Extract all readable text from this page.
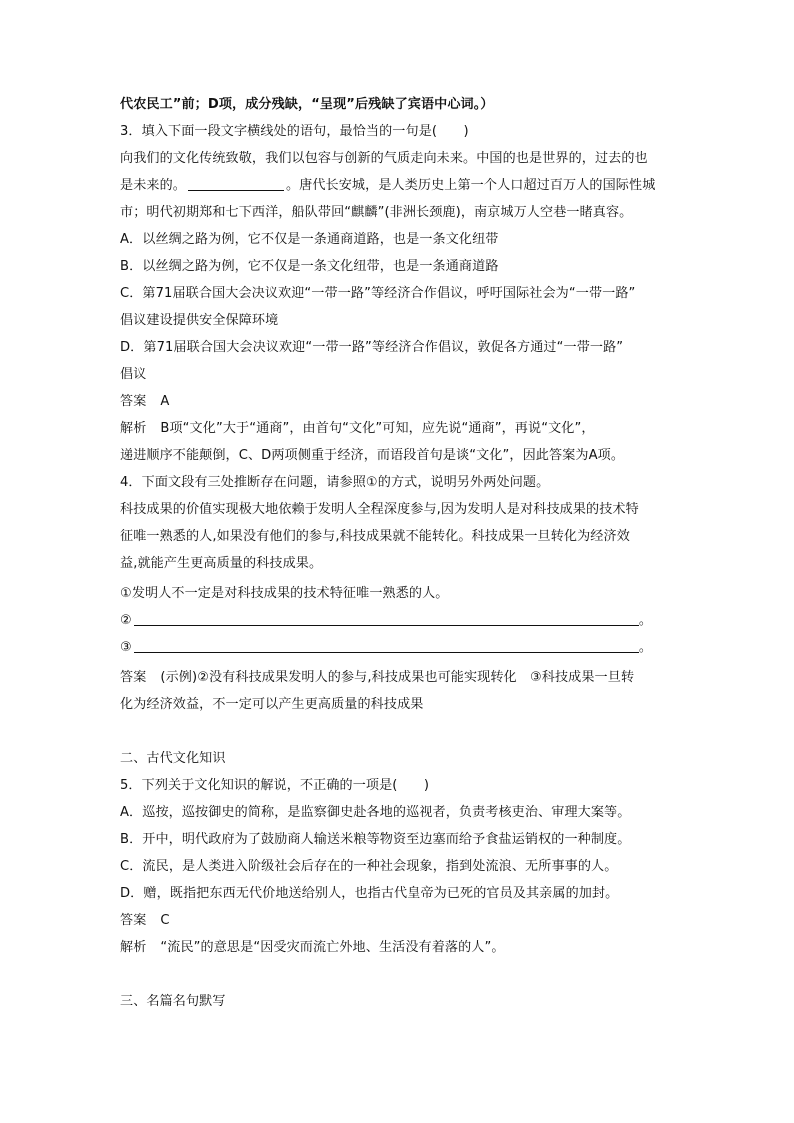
代农民工”前；D项，成分残缺，“呈现”后残缺了宾语中心词。）
3．填入下面一段文字横线处的语句，最恰当的一句是(　　)
向我们的文化传统致敬，我们以包容与创新的气质走向未来。中国的也是世界的，过去的也
是未来的。	。唐代长安城，是人类历史上第一个人口超过百万人的国际性城
市；明代初期郑和七下西洋，船队带回“麒麟”(非洲长颈鹿)，南京城万人空巷一睹真容。
A．以丝绸之路为例，它不仅是一条通商道路，也是一条文化纽带
B．以丝绸之路为例，它不仅是一条文化纽带，也是一条通商道路
C．第71届联合国大会决议欢迎“一带一路”等经济合作倡议，呼吁国际社会为“一带一路”
倡议建设提供安全保障环境
D．第71届联合国大会决议欢迎“一带一路”等经济合作倡议，敦促各方通过“一带一路”
倡议
答案 A
解析 B项“文化”大于“通商”，由首句“文化”可知，应先说“通商”，再说“文化”，
递进顺序不能颠倒，C、D两项侧重于经济，而语段首句是谈“文化”，因此答案为A项。
4．下面文段有三处推断存在问题，请参照①的方式，说明另外两处问题。
科技成果的价值实现极大地依赖于发明人全程深度参与,因为发明人是对科技成果的技术特
征唯一熟悉的人,如果没有他们的参与,科技成果就不能转化。科技成果一旦转化为经济效
益,就能产生更高质量的科技成果。
①发明人不一定是对科技成果的技术特征唯一熟悉的人。
②	。
③	。
答案 (示例)②没有科技成果发明人的参与,科技成果也可能实现转化　③科技成果一旦转
化为经济效益，不一定可以产生更高质量的科技成果
二、古代文化知识
5．下列关于文化知识的解说，不正确的一项是(　　)
A．巡按，巡按御史的简称，是监察御史赴各地的巡视者，负责考核吏治、审理大案等。
B．开中，明代政府为了鼓励商人输送米粮等物资至边塞而给予食盐运销权的一种制度。
C．流民，是人类进入阶级社会后存在的一种社会现象，指到处流浪、无所事事的人。
D．赠，既指把东西无代价地送给别人，也指古代皇帝为已死的官员及其亲属的加封。
答案 C
解析 “流民”的意思是“因受灾而流亡外地、生活没有着落的人”。
三、名篇名句默写
